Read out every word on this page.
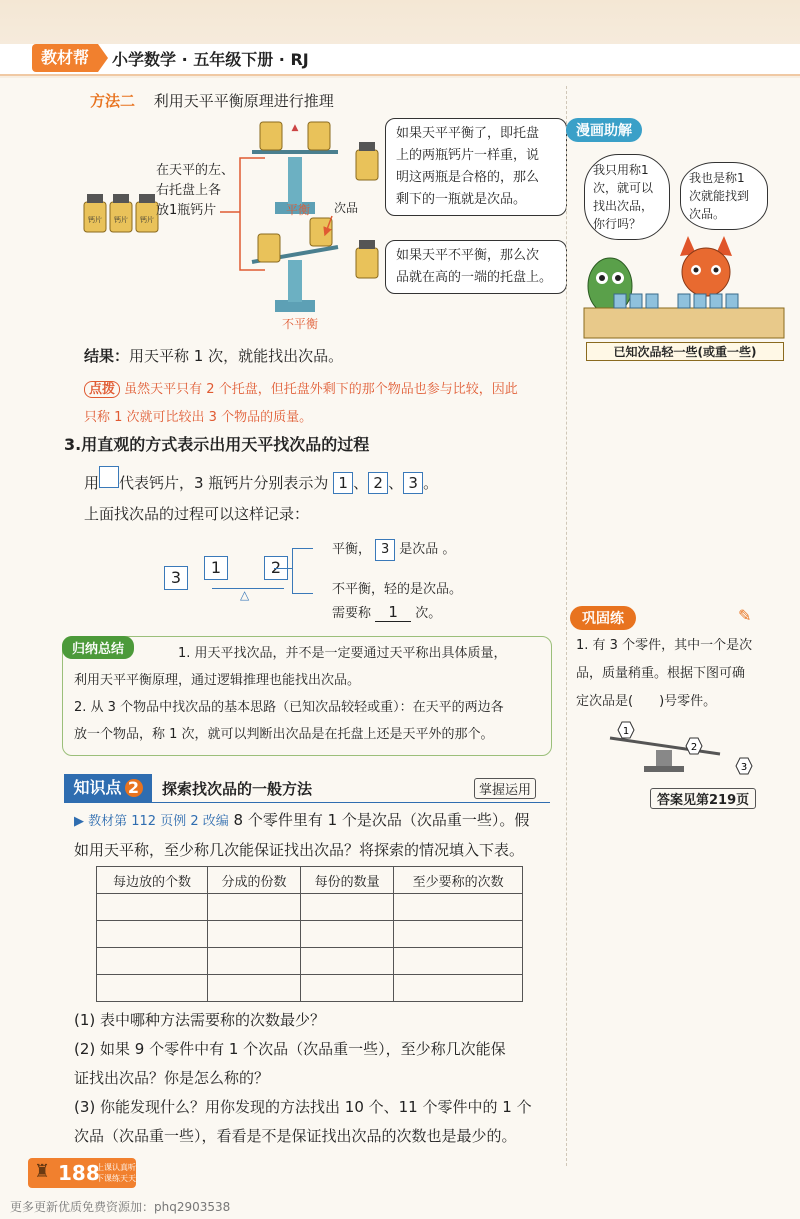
教材帮	小学数学 · 五年级下册 · RJ
方法二 利用天平平衡原理进行推理
钙片 钙片 钙片
在天平的左、
右托盘上各
放1瓶钙片
▲
平衡 次品
不平衡
如果天平平衡了，即托盘
上的两瓶钙片一样重，说
明这两瓶是合格的，那么
剩下的一瓶就是次品。
如果天平不平衡，那么次
品就在高的一端的托盘上。
结果：用天平称 1 次，就能找出次品。
点拨 虽然天平只有 2 个托盘，但托盘外剩下的那个物品也参与比较，因此
只称 1 次就可比较出 3 个物品的质量。
3.用直观的方式表示出用天平找次品的过程
用 代表钙片，3 瓶钙片分别表示为 1 、 2 、 3 。
上面找次品的过程可以这样记录：
3
1	2
△
平衡， 3 是次品 。
不平衡，轻的是次品。
需要称 1 次。
归纳总结	1. 用天平找次品，并不是一定要通过天平称出具体质量，
利用天平平衡原理，通过逻辑推理也能找出次品。
2. 从 3 个物品中找次品的基本思路（已知次品较轻或重）：在天平的两边各
放一个物品，称 1 次，就可以判断出次品是在托盘上还是天平外的那个。
知识点 2	探索找次品的一般方法	掌握运用
▶ 教材第 112 页例 2 改编 8 个零件里有 1 个是次品（次品重一些）。假
如用天平称，至少称几次能保证找出次品？将探索的情况填入下表。
每边放的个数	分成的份数	每份的数量	至少要称的次数

(1) 表中哪种方法需要称的次数最少？
(2) 如果 9 个零件中有 1 个次品（次品重一些），至少称几次能保
证找出次品？你是怎么称的？
(3) 你能发现什么？用你发现的方法找出 10 个、11 个零件中的 1 个
次品（次品重一些），看看是不是保证找出次品的次数也是最少的。
漫画助解
我只用称1
次，就可以
找出次品，
你行吗？
我也是称1
次就能找到
次品。
已知次品轻一些(或重一些)
巩固练	✎
1. 有 3 个零件，其中一个是次
品，质量稍重。根据下图可确
定次品是(　　)号零件。
1
2
3
答案见第219页
188
上课认真听
下课练天天
♜
更多更新优质免费资源加：phq2903538
